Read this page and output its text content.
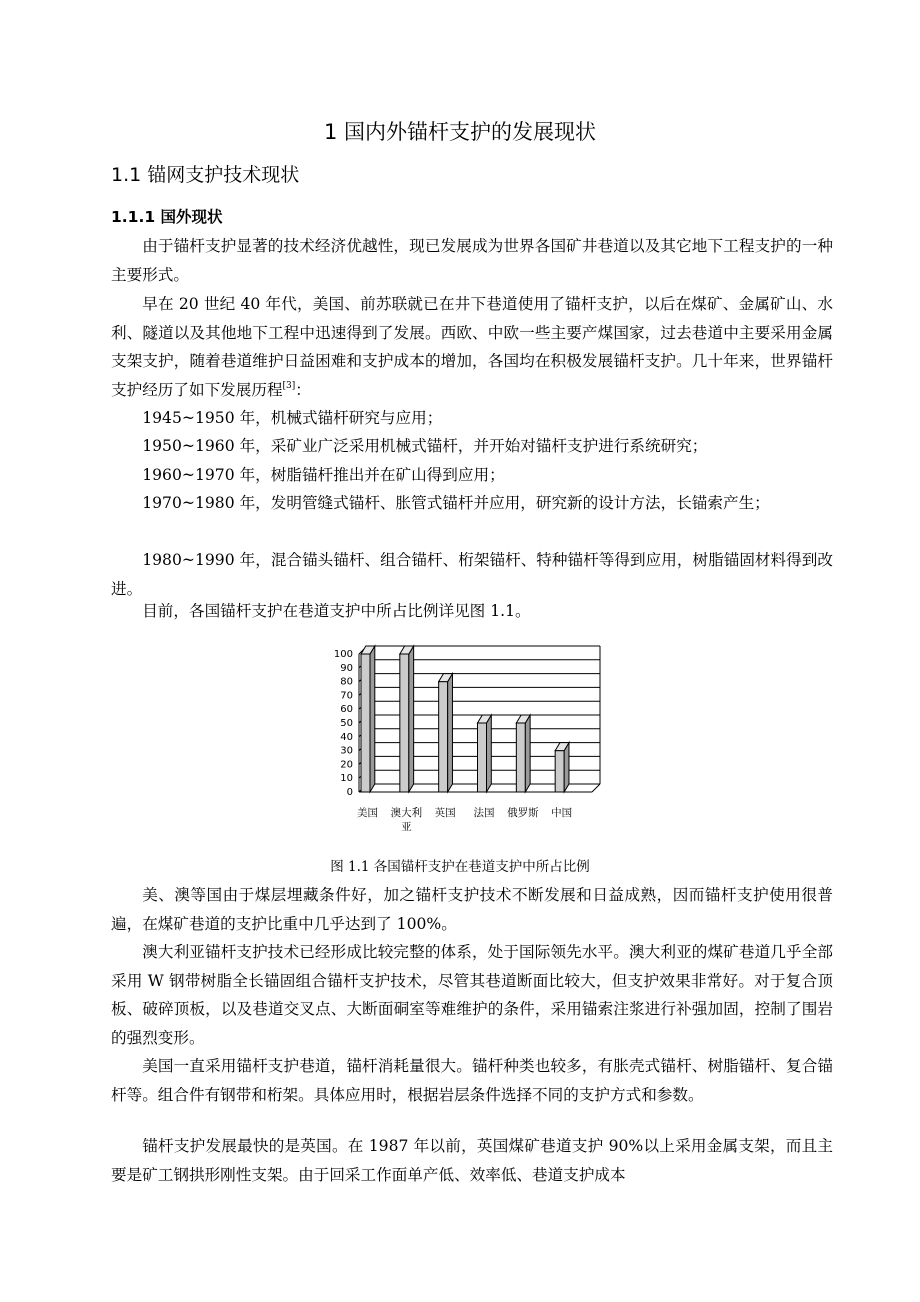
1 国内外锚杆支护的发展现状
1.1 锚网支护技术现状
1.1.1 国外现状

由于锚杆支护显著的技术经济优越性，现已发展成为世界各国矿井巷道以及其它地下工程支护的一种主要形式。

早在 20 世纪 40 年代，美国、前苏联就已在井下巷道使用了锚杆支护，以后在煤矿、金属矿山、水利、隧道以及其他地下工程中迅速得到了发展。西欧、中欧一些主要产煤国家，过去巷道中主要采用金属支架支护，随着巷道维护日益困难和支护成本的增加，各国均在积极发展锚杆支护。几十年来，世界锚杆支护经历了如下发展历程[3]：

1945~1950 年，机械式锚杆研究与应用；

1950~1960 年，采矿业广泛采用机械式锚杆，并开始对锚杆支护进行系统研究；

1960~1970 年，树脂锚杆推出并在矿山得到应用；

1970~1980 年，发明管缝式锚杆、胀管式锚杆并应用，研究新的设计方法，长锚索产生；

1980~1990 年，混合锚头锚杆、组合锚杆、桁架锚杆、特种锚杆等得到应用，树脂锚固材料得到改进。

目前，各国锚杆支护在巷道支护中所占比例详见图 1.1。

100
90
80
70
60
50
40
30
20
10
0
美国 澳大利
亚
英国 法国 俄罗斯 中国
图 1.1 各国锚杆支护在巷道支护中所占比例

美、澳等国由于煤层埋藏条件好，加之锚杆支护技术不断发展和日益成熟，因而锚杆支护使用很普遍，在煤矿巷道的支护比重中几乎达到了 100%。

澳大利亚锚杆支护技术已经形成比较完整的体系，处于国际领先水平。澳大利亚的煤矿巷道几乎全部采用 W 钢带树脂全长锚固组合锚杆支护技术，尽管其巷道断面比较大，但支护效果非常好。对于复合顶板、破碎顶板，以及巷道交叉点、大断面硐室等难维护的条件，采用锚索注浆进行补强加固，控制了围岩的强烈变形。

美国一直采用锚杆支护巷道，锚杆消耗量很大。锚杆种类也较多，有胀壳式锚杆、树脂锚杆、复合锚杆等。组合件有钢带和桁架。具体应用时，根据岩层条件选择不同的支护方式和参数。

锚杆支护发展最快的是英国。在 1987 年以前，英国煤矿巷道支护 90%以上采用金属支架，而且主要是矿工钢拱形刚性支架。由于回采工作面单产低、效率低、巷道支护成本
